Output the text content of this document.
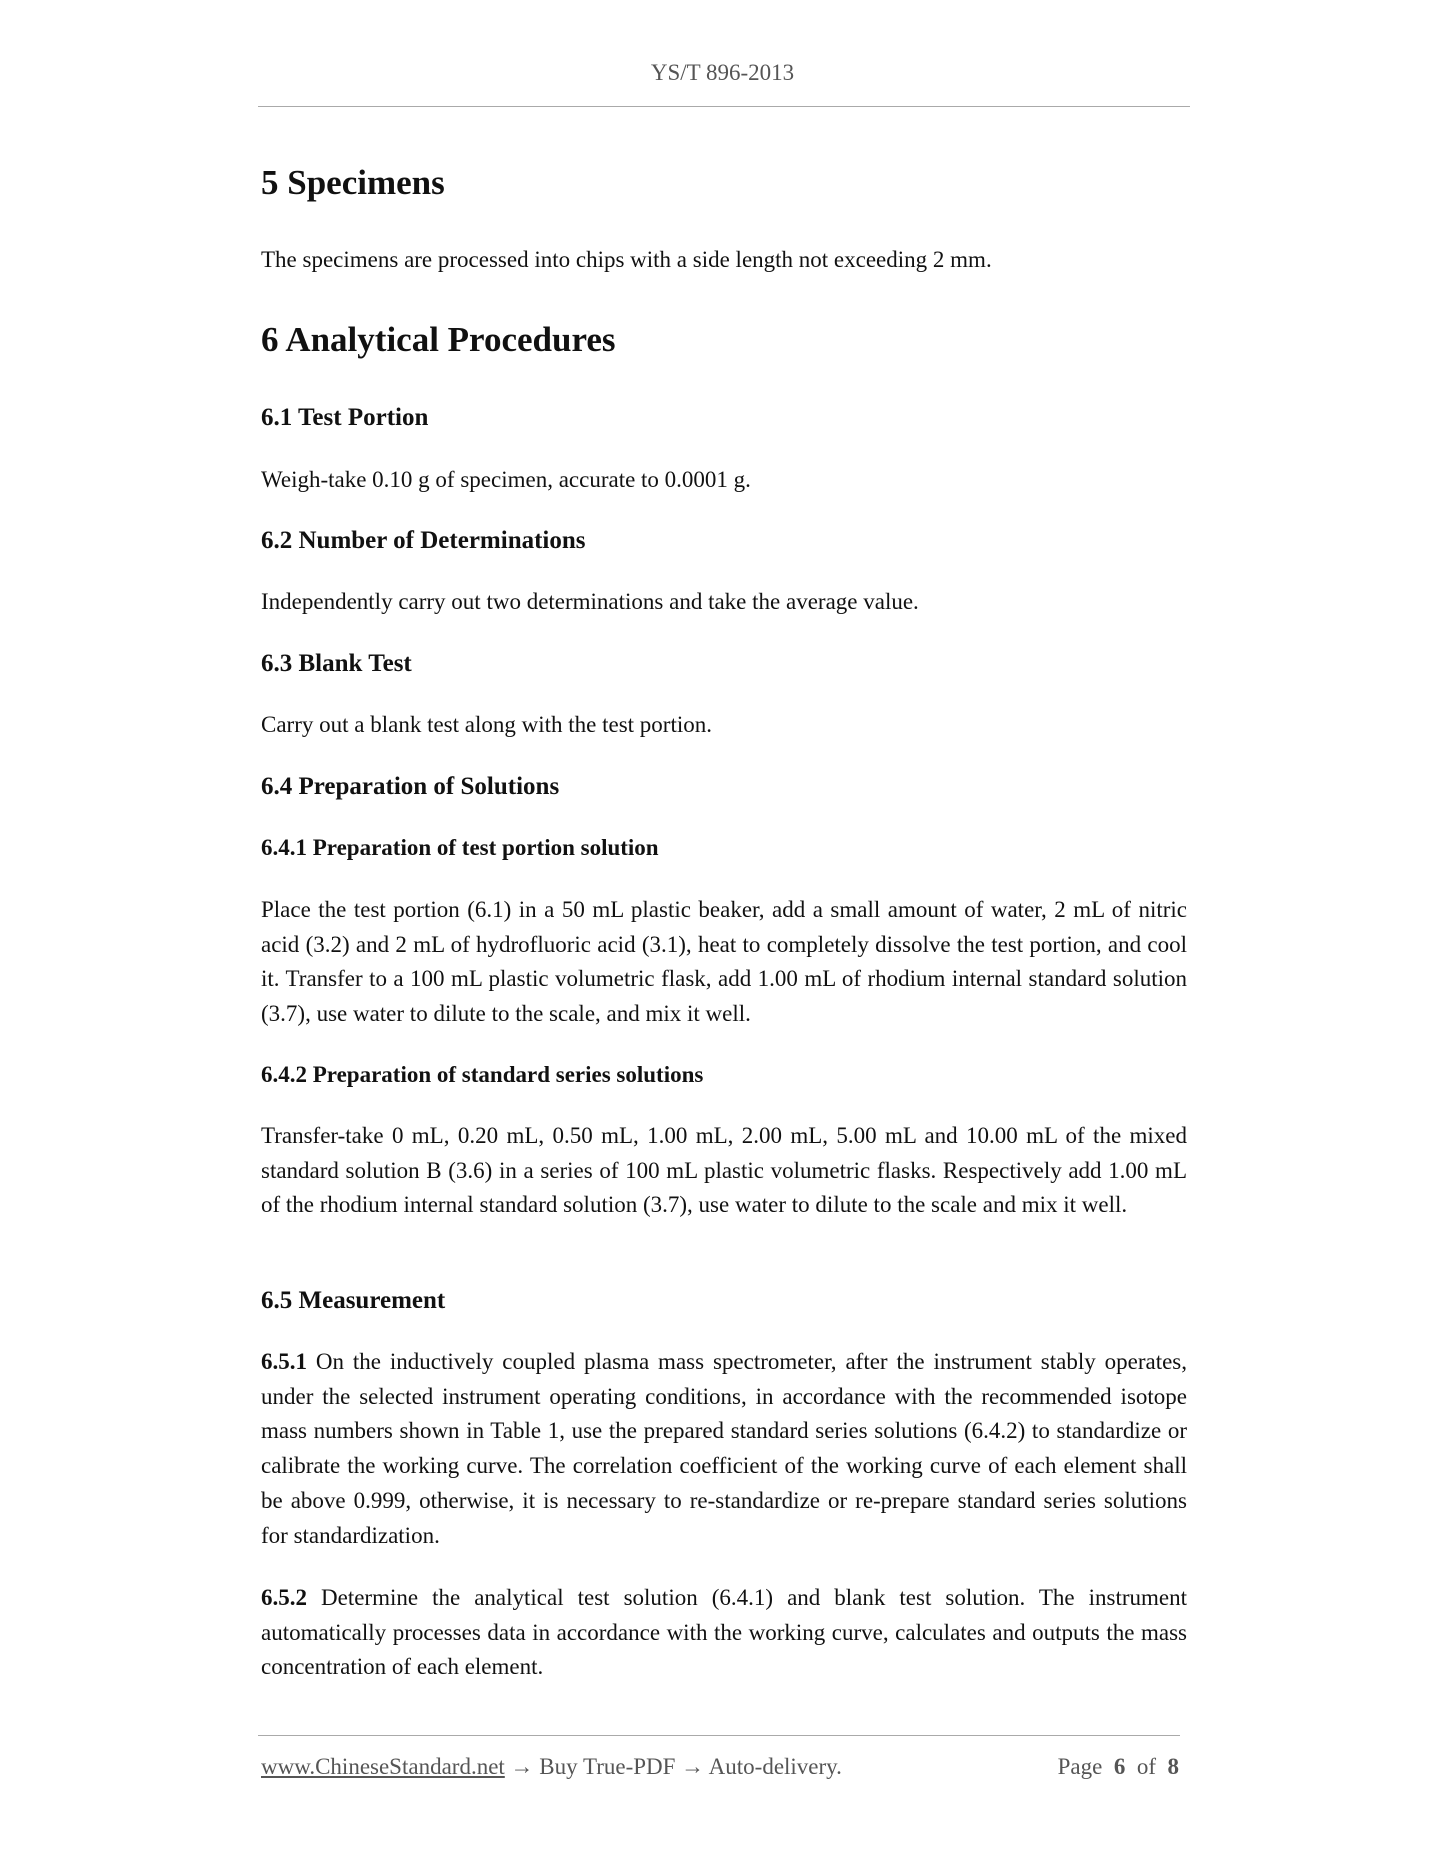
YS/T 896-2013
5 Specimens

The specimens are processed into chips with a side length not exceeding 2 mm.

6 Analytical Procedures
6.1 Test Portion

Weigh-take 0.10 g of specimen, accurate to 0.0001 g.

6.2 Number of Determinations

Independently carry out two determinations and take the average value.

6.3 Blank Test

Carry out a blank test along with the test portion.

6.4 Preparation of Solutions
6.4.1 Preparation of test portion solution

Place the test portion (6.1) in a 50 mL plastic beaker, add a small amount of water, 2 mL of nitric acid (3.2) and 2 mL of hydrofluoric acid (3.1), heat to completely dissolve the test portion, and cool it. Transfer to a 100 mL plastic volumetric flask, add 1.00 mL of rhodium internal standard solution (3.7), use water to dilute to the scale, and mix it well.

6.4.2 Preparation of standard series solutions

Transfer-take 0 mL, 0.20 mL, 0.50 mL, 1.00 mL, 2.00 mL, 5.00 mL and 10.00 mL of the mixed standard solution B (3.6) in a series of 100 mL plastic volumetric flasks. Respectively add 1.00 mL of the rhodium internal standard solution (3.7), use water to dilute to the scale and mix it well.

6.5 Measurement

6.5.1 On the inductively coupled plasma mass spectrometer, after the instrument stably operates, under the selected instrument operating conditions, in accordance with the recommended isotope mass numbers shown in Table 1, use the prepared standard series solutions (6.4.2) to standardize or calibrate the working curve. The correlation coefficient of the working curve of each element shall be above 0.999, otherwise, it is necessary to re-standardize or re-prepare standard series solutions for standardization.

6.5.2 Determine the analytical test solution (6.4.1) and blank test solution. The instrument automatically processes data in accordance with the working curve, calculates and outputs the mass concentration of each element.

www.ChineseStandard.net → Buy True-PDF → Auto-delivery.	Page 6 of 8
